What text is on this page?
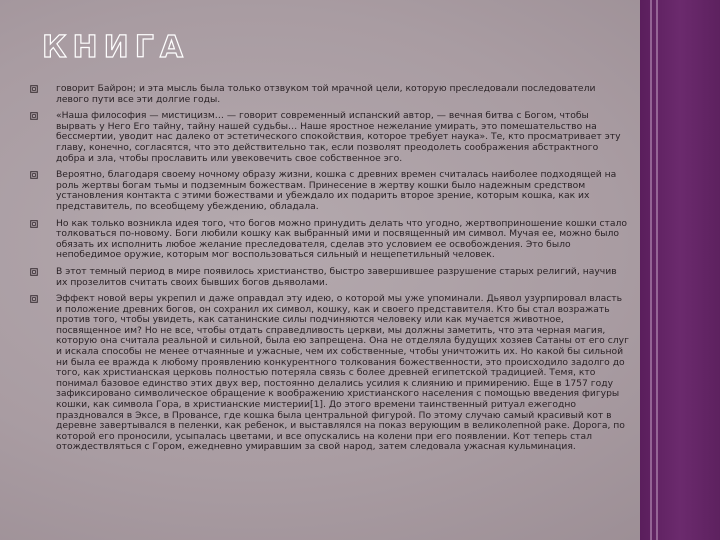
КНИГА
говорит Байрон; и эта мысль была только отзвуком той мрачной цели, которую преследовали последователи левого пути все эти долгие годы.
«Наша философия — мистицизм… — говорит современный испанский автор, — вечная битва с Богом, чтобы вырвать у Него Его тайну, тайну нашей судьбы… Наше яростное нежелание умирать, это помешательство на бессмертии, уводит нас далеко от эстетического спокойствия, которое требует наука». Те, кто просматривает эту главу, конечно, согласятся, что это действительно так, если позволят преодолеть соображения абстрактного добра и зла, чтобы прославить или увековечить свое собственное эго.
Вероятно, благодаря своему ночному образу жизни, кошка с древних времен считалась наиболее подходящей на роль жертвы богам тьмы и подземным божествам. Принесение в жертву кошки было надежным средством установления контакта с этими божествами и убеждало их подарить второе зрение, которым кошка, как их представитель, по всеобщему убеждению, обладала.
Но как только возникла идея того, что богов можно принудить делать что угодно, жертвоприношение кошки стало толковаться по-новому. Боги любили кошку как выбранный ими и посвященный им символ. Мучая ее, можно было обязать их исполнить любое желание преследователя, сделав это условием ее освобождения. Это было непобедимое оружие, которым мог воспользоваться сильный и нещепетильный человек.
В этот темный период в мире появилось христианство, быстро завершившее разрушение старых религий, научив их прозелитов считать своих бывших богов дьяволами.
Эффект новой веры укрепил и даже оправдал эту идею, о которой мы уже упоминали. Дьявол узурпировал власть и положение древних богов, он сохранил их символ, кошку, как и своего представителя. Кто бы стал возражать против того, чтобы увидеть, как сатанинские силы подчиняются человеку или как мучается животное, посвященное им? Но не все, чтобы отдать справедливость церкви, мы должны заметить, что эта черная магия, которую она считала реальной и сильной, была ею запрещена. Она не отделяла будущих хозяев Сатаны от его слуг и искала способы не менее отчаянные и ужасные, чем их собственные, чтобы уничтожить их. Но какой бы сильной ни была ее вражда к любому проявлению конкурентного толкования божественности, это происходило задолго до того, как христианская церковь полностью потеряла связь с более древней египетской традицией. Темя, кто понимал базовое единство этих двух вер, постоянно делались усилия к слиянию и примирению. Еще в 1757 году зафиксировано символическое обращение к воображению христианского населения с помощью введения фигуры кошки, как символа Гора, в христианские мистерии[1]. До этого времени таинственный ритуал ежегодно праздновался в Эксе, в Провансе, где кошка была центральной фигурой. По этому случаю самый красивый кот в деревне завертывался в пеленки, как ребенок, и выставлялся на показ верующим в великолепной раке. Дорога, по которой его проносили, усыпалась цветами, и все опускались на колени при его появлении. Кот теперь стал отождествляться с Гором, ежедневно умиравшим за свой народ, затем следовала ужасная кульминация.
